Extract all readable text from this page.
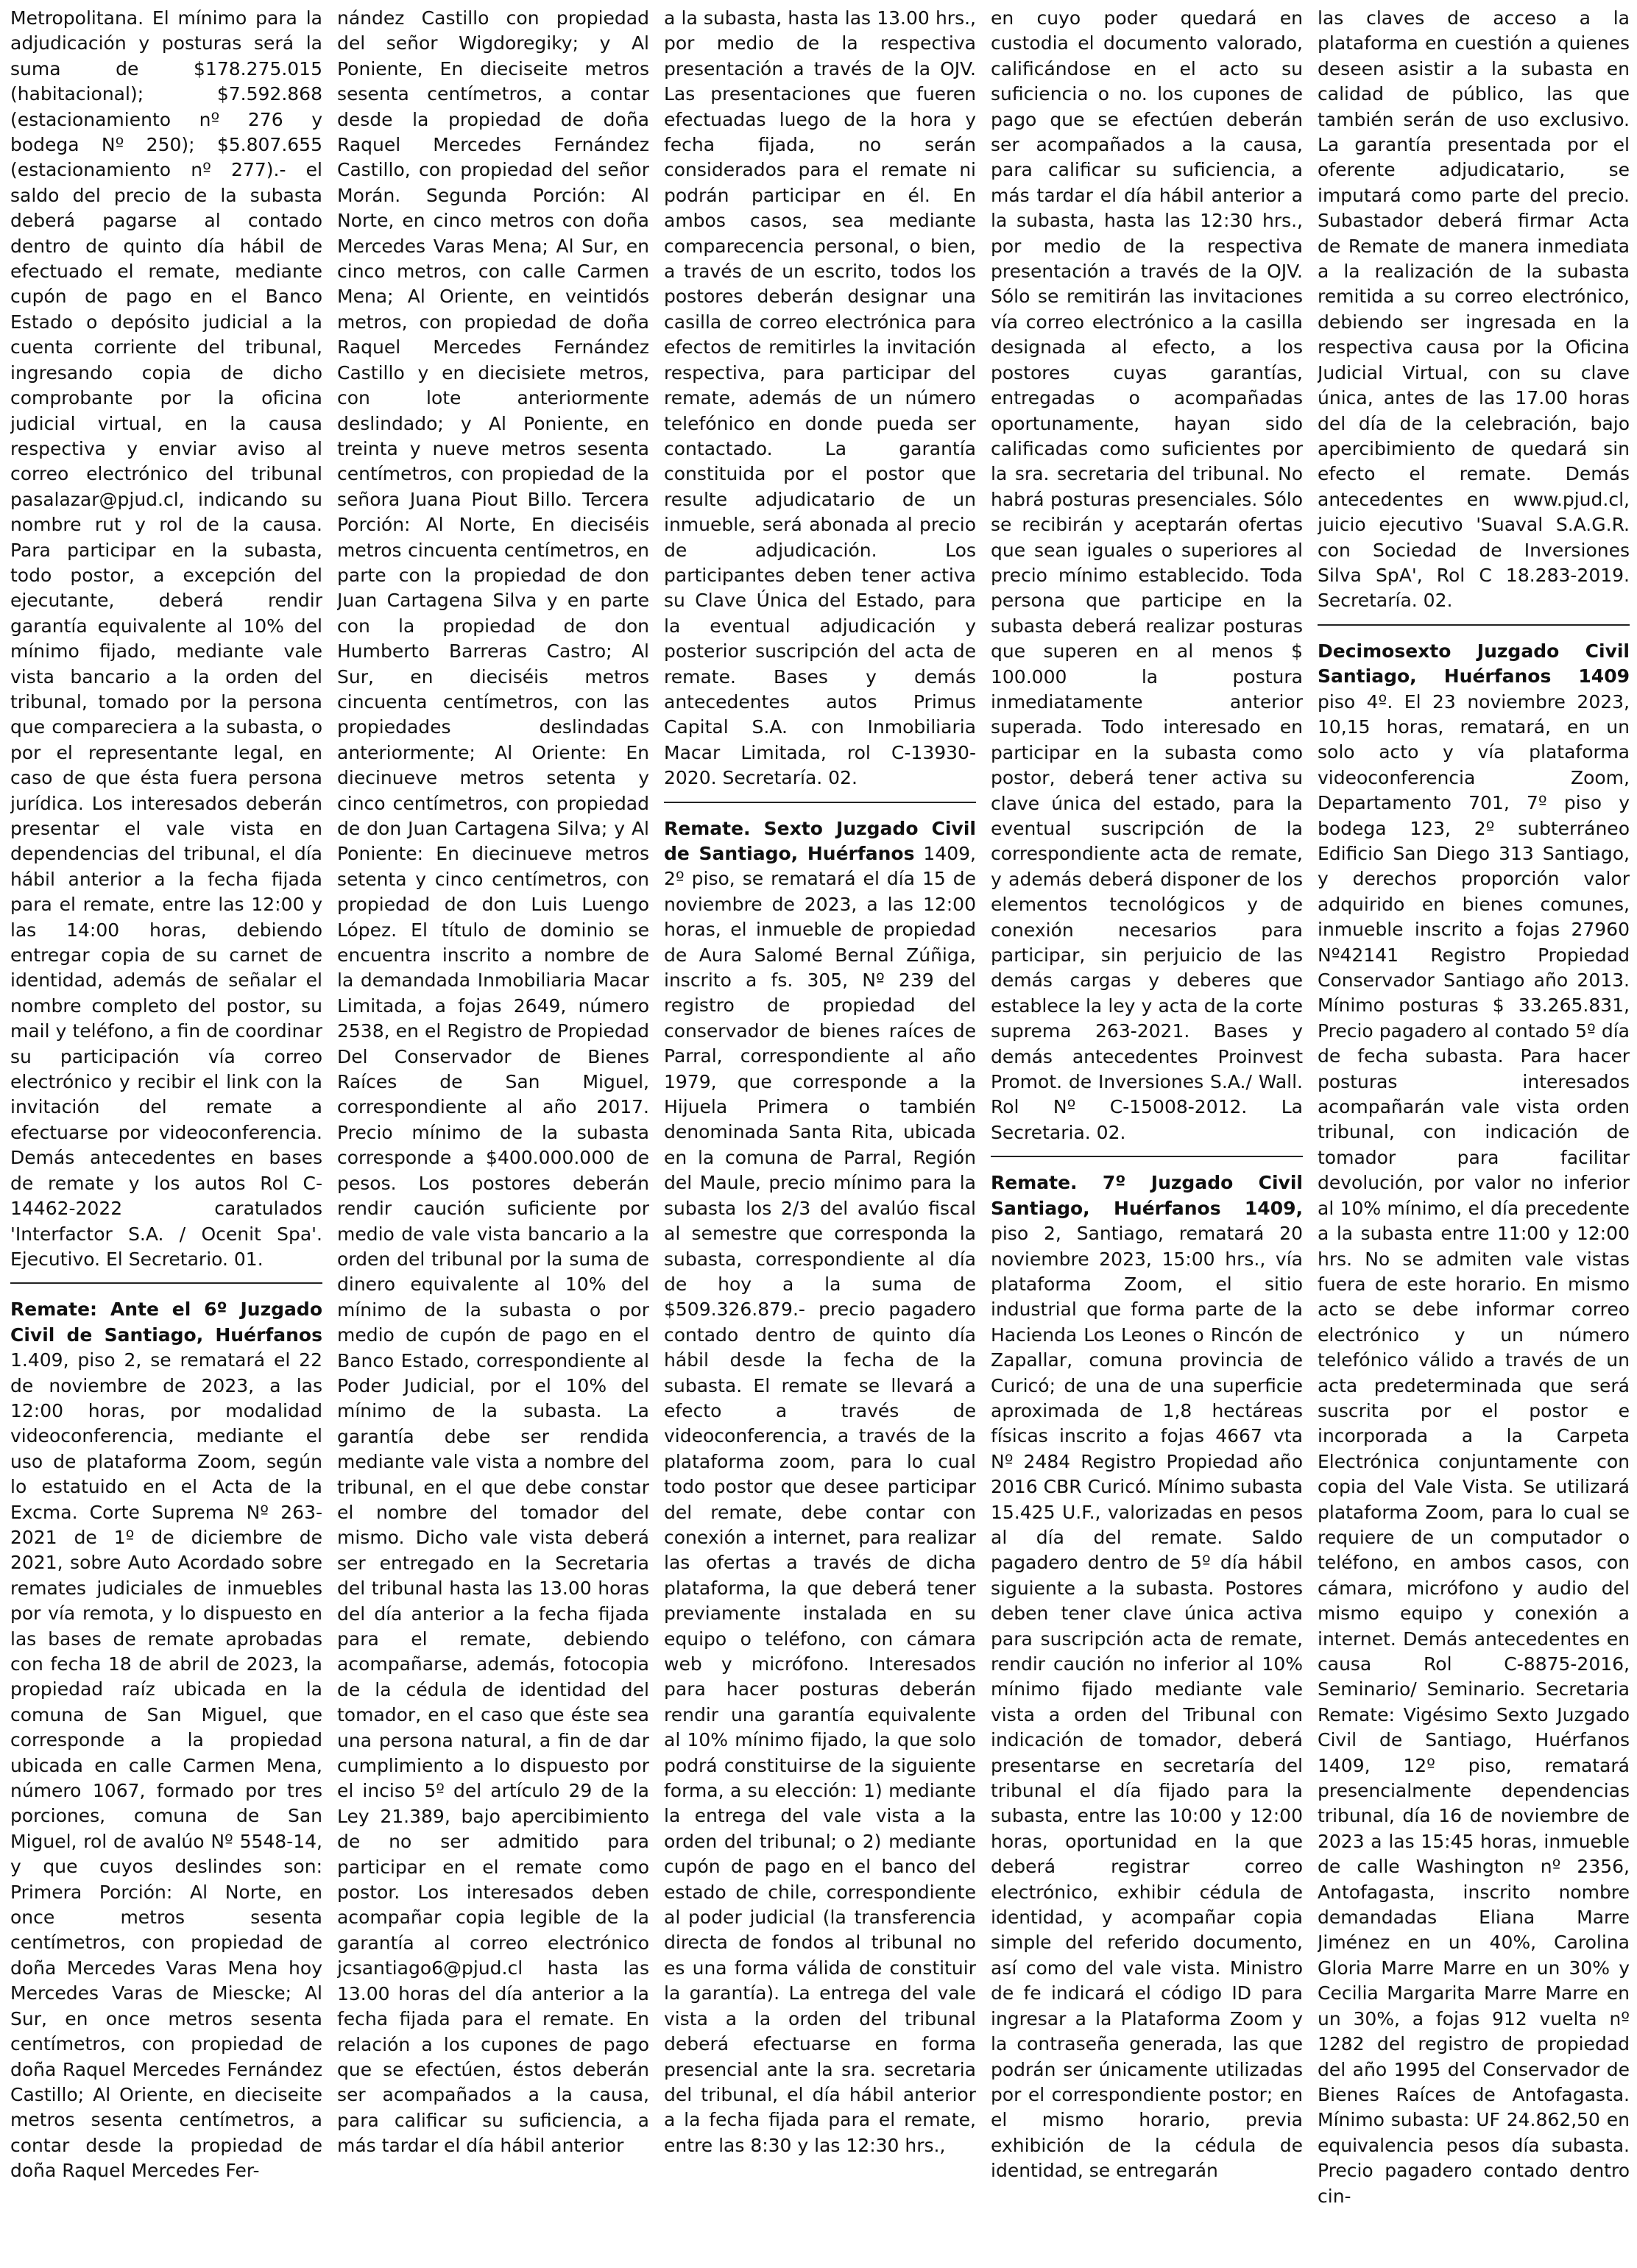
Metropolitana. El mínimo para la adjudicación y posturas será la suma de $178.275.015 (habitacional); $7.592.868 (estacionamiento nº 276 y bodega Nº 250); $5.807.655 (estacionamiento nº 277).- el saldo del precio de la subasta deberá pagarse al contado dentro de quinto día hábil de efectuado el remate, mediante cupón de pago en el Banco Estado o depósito judicial a la cuenta corriente del tribunal, ingresando copia de dicho comprobante por la oficina judicial virtual, en la causa respectiva y enviar aviso al correo electrónico del tribunal pasalazar@pjud.cl, indicando su nombre rut y rol de la causa. Para participar en la subasta, todo postor, a excepción del ejecutante, deberá rendir garantía equivalente al 10% del mínimo fijado, mediante vale vista bancario a la orden del tribunal, tomado por la persona que compareciera a la subasta, o por el representante legal, en caso de que ésta fuera persona jurídica. Los interesados deberán presentar el vale vista en dependencias del tribunal, el día hábil anterior a la fecha fijada para el remate, entre las 12:00 y las 14:00 horas, debiendo entregar copia de su carnet de identidad, además de señalar el nombre completo del postor, su mail y teléfono, a fin de coordinar su participación vía correo electrónico y recibir el link con la invitación del remate a efectuarse por videoconferencia. Demás antecedentes en bases de remate y los autos Rol C-14462-2022 caratulados 'Interfactor S.A. / Ocenit Spa'. Ejecutivo. El Secretario. 01.

Remate: Ante el 6º Juzgado Civil de Santiago, Huérfanos 1.409, piso 2, se rematará el 22 de noviembre de 2023, a las 12:00 horas, por modalidad videoconferencia, mediante el uso de plataforma Zoom, según lo estatuido en el Acta de la Excma. Corte Suprema Nº 263-2021 de 1º de diciembre de 2021, sobre Auto Acordado sobre remates judiciales de inmuebles por vía remota, y lo dispuesto en las bases de remate aprobadas con fecha 18 de abril de 2023, la propiedad raíz ubicada en la comuna de San Miguel, que corresponde a la propiedad ubicada en calle Carmen Mena, número 1067, formado por tres porciones, comuna de San Miguel, rol de avalúo Nº 5548-14, y que cuyos deslindes son: Primera Porción: Al Norte, en once metros sesenta centímetros, con propiedad de doña Mercedes Varas Mena hoy Mercedes Varas de Miescke; Al Sur, en once metros sesenta centímetros, con propiedad de doña Raquel Mercedes Fernández Castillo; Al Oriente, en dieciseite metros sesenta centímetros, a contar desde la propiedad de doña Raquel Mercedes Fer-

nández Castillo con propiedad del señor Wigdoregiky; y Al Poniente, En dieciseite metros sesenta centímetros, a contar desde la propiedad de doña Raquel Mercedes Fernández Castillo, con propiedad del señor Morán. Segunda Porción: Al Norte, en cinco metros con doña Mercedes Varas Mena; Al Sur, en cinco metros, con calle Carmen Mena; Al Oriente, en veintidós metros, con propiedad de doña Raquel Mercedes Fernández Castillo y en diecisiete metros, con lote anteriormente deslindado; y Al Poniente, en treinta y nueve metros sesenta centímetros, con propiedad de la señora Juana Piout Billo. Tercera Porción: Al Norte, En dieciséis metros cincuenta centímetros, en parte con la propiedad de don Juan Cartagena Silva y en parte con la propiedad de don Humberto Barreras Castro; Al Sur, en dieciséis metros cincuenta centímetros, con las propiedades deslindadas anteriormente; Al Oriente: En diecinueve metros setenta y cinco centímetros, con propiedad de don Juan Cartagena Silva; y Al Poniente: En diecinueve metros setenta y cinco centímetros, con propiedad de don Luis Luengo López. El título de dominio se encuentra inscrito a nombre de la demandada Inmobiliaria Macar Limitada, a fojas 2649, número 2538, en el Registro de Propiedad Del Conservador de Bienes Raíces de San Miguel, correspondiente al año 2017. Precio mínimo de la subasta corresponde a $400.000.000 de pesos. Los postores deberán rendir caución suficiente por medio de vale vista bancario a la orden del tribunal por la suma de dinero equivalente al 10% del mínimo de la subasta o por medio de cupón de pago en el Banco Estado, correspondiente al Poder Judicial, por el 10% del mínimo de la subasta. La garantía debe ser rendida mediante vale vista a nombre del tribunal, en el que debe constar el nombre del tomador del mismo. Dicho vale vista deberá ser entregado en la Secretaria del tribunal hasta las 13.00 horas del día anterior a la fecha fijada para el remate, debiendo acompañarse, además, fotocopia de la cédula de identidad del tomador, en el caso que éste sea una persona natural, a fin de dar cumplimiento a lo dispuesto por el inciso 5º del artículo 29 de la Ley 21.389, bajo apercibimiento de no ser admitido para participar en el remate como postor. Los interesados deben acompañar copia legible de la garantía al correo electrónico jcsantiago6@pjud.cl hasta las 13.00 horas del día anterior a la fecha fijada para el remate. En relación a los cupones de pago que se efectúen, éstos deberán ser acompañados a la causa, para calificar su suficiencia, a más tardar el día hábil anterior

a la subasta, hasta las 13.00 hrs., por medio de la respectiva presentación a través de la OJV. Las presentaciones que fueren efectuadas luego de la hora y fecha fijada, no serán considerados para el remate ni podrán participar en él. En ambos casos, sea mediante comparecencia personal, o bien, a través de un escrito, todos los postores deberán designar una casilla de correo electrónica para efectos de remitirles la invitación respectiva, para participar del remate, además de un número telefónico en donde pueda ser contactado. La garantía constituida por el postor que resulte adjudicatario de un inmueble, será abonada al precio de adjudicación. Los participantes deben tener activa su Clave Única del Estado, para la eventual adjudicación y posterior suscripción del acta de remate. Bases y demás antecedentes autos Primus Capital S.A. con Inmobiliaria Macar Limitada, rol C-13930-2020. Secretaría. 02.

Remate. Sexto Juzgado Civil de Santiago, Huérfanos 1409, 2º piso, se rematará el día 15 de noviembre de 2023, a las 12:00 horas, el inmueble de propiedad de Aura Salomé Bernal Zúñiga, inscrito a fs. 305, Nº 239 del registro de propiedad del conservador de bienes raíces de Parral, correspondiente al año 1979, que corresponde a la Hijuela Primera o también denominada Santa Rita, ubicada en la comuna de Parral, Región del Maule, precio mínimo para la subasta los 2/3 del avalúo fiscal al semestre que corresponda la subasta, correspondiente al día de hoy a la suma de $509.326.879.- precio pagadero contado dentro de quinto día hábil desde la fecha de la subasta. El remate se llevará a efecto a través de videoconferencia, a través de la plataforma zoom, para lo cual todo postor que desee participar del remate, debe contar con conexión a internet, para realizar las ofertas a través de dicha plataforma, la que deberá tener previamente instalada en su equipo o teléfono, con cámara web y micrófono. Interesados para hacer posturas deberán rendir una garantía equivalente al 10% mínimo fijado, la que solo podrá constituirse de la siguiente forma, a su elección: 1) mediante la entrega del vale vista a la orden del tribunal; o 2) mediante cupón de pago en el banco del estado de chile, correspondiente al poder judicial (la transferencia directa de fondos al tribunal no es una forma válida de constituir la garantía). La entrega del vale vista a la orden del tribunal deberá efectuarse en forma presencial ante la sra. secretaria del tribunal, el día hábil anterior a la fecha fijada para el remate, entre las 8:30 y las 12:30 hrs.,

en cuyo poder quedará en custodia el documento valorado, calificándose en el acto su suficiencia o no. los cupones de pago que se efectúen deberán ser acompañados a la causa, para calificar su suficiencia, a más tardar el día hábil anterior a la subasta, hasta las 12:30 hrs., por medio de la respectiva presentación a través de la OJV. Sólo se remitirán las invitaciones vía correo electrónico a la casilla designada al efecto, a los postores cuyas garantías, entregadas o acompañadas oportunamente, hayan sido calificadas como suficientes por la sra. secretaria del tribunal. No habrá posturas presenciales. Sólo se recibirán y aceptarán ofertas que sean iguales o superiores al precio mínimo establecido. Toda persona que participe en la subasta deberá realizar posturas que superen en al menos $ 100.000 la postura inmediatamente anterior superada. Todo interesado en participar en la subasta como postor, deberá tener activa su clave única del estado, para la eventual suscripción de la correspondiente acta de remate, y además deberá disponer de los elementos tecnológicos y de conexión necesarios para participar, sin perjuicio de las demás cargas y deberes que establece la ley y acta de la corte suprema 263-2021. Bases y demás antecedentes Proinvest Promot. de Inversiones S.A./ Wall. Rol Nº C-15008-2012. La Secretaria. 02.

Remate. 7º Juzgado Civil Santiago, Huérfanos 1409, piso 2, Santiago, rematará 20 noviembre 2023, 15:00 hrs., vía plataforma Zoom, el sitio industrial que forma parte de la Hacienda Los Leones o Rincón de Zapallar, comuna provincia de Curicó; de una de una superficie aproximada de 1,8 hectáreas físicas inscrito a fojas 4667 vta Nº 2484 Registro Propiedad año 2016 CBR Curicó. Mínimo subasta 15.425 U.F., valorizadas en pesos al día del remate. Saldo pagadero dentro de 5º día hábil siguiente a la subasta. Postores deben tener clave única activa para suscripción acta de remate, rendir caución no inferior al 10% mínimo fijado mediante vale vista a orden del Tribunal con indicación de tomador, deberá presentarse en secretaría del tribunal el día fijado para la subasta, entre las 10:00 y 12:00 horas, oportunidad en la que deberá registrar correo electrónico, exhibir cédula de identidad, y acompañar copia simple del referido documento, así como del vale vista. Ministro de fe indicará el código ID para ingresar a la Plataforma Zoom y la contraseña generada, las que podrán ser únicamente utilizadas por el correspondiente postor; en el mismo horario, previa exhibición de la cédula de identidad, se entregarán

las claves de acceso a la plataforma en cuestión a quienes deseen asistir a la subasta en calidad de público, las que también serán de uso exclusivo. La garantía presentada por el oferente adjudicatario, se imputará como parte del precio. Subastador deberá firmar Acta de Remate de manera inmediata a la realización de la subasta remitida a su correo electrónico, debiendo ser ingresada en la respectiva causa por la Oficina Judicial Virtual, con su clave única, antes de las 17.00 horas del día de la celebración, bajo apercibimiento de quedará sin efecto el remate. Demás antecedentes en www.pjud.cl, juicio ejecutivo 'Suaval S.A.G.R. con Sociedad de Inversiones Silva SpA', Rol C 18.283-2019. Secretaría. 02.

Decimosexto Juzgado Civil Santiago, Huérfanos 1409 piso 4º. El 23 noviembre 2023, 10,15 horas, rematará, en un solo acto y vía plataforma videoconferencia Zoom, Departamento 701, 7º piso y bodega 123, 2º subterráneo Edificio San Diego 313 Santiago, y derechos proporción valor adquirido en bienes comunes, inmueble inscrito a fojas 27960 Nº42141 Registro Propiedad Conservador Santiago año 2013. Mínimo posturas $ 33.265.831, Precio pagadero al contado 5º día de fecha subasta. Para hacer posturas interesados acompañarán vale vista orden tribunal, con indicación de tomador para facilitar devolución, por valor no inferior al 10% mínimo, el día precedente a la subasta entre 11:00 y 12:00 hrs. No se admiten vale vistas fuera de este horario. En mismo acto se debe informar correo electrónico y un número telefónico válido a través de un acta predeterminada que será suscrita por el postor e incorporada a la Carpeta Electrónica conjuntamente con copia del Vale Vista. Se utilizará plataforma Zoom, para lo cual se requiere de un computador o teléfono, en ambos casos, con cámara, micrófono y audio del mismo equipo y conexión a internet. Demás antecedentes en causa Rol C-8875-2016, Seminario/ Seminario. Secretaria Remate: Vigésimo Sexto Juzgado Civil de Santiago, Huérfanos 1409, 12º piso, rematará presencialmente dependencias tribunal, día 16 de noviembre de 2023 a las 15:45 horas, inmueble de calle Washington nº 2356, Antofagasta, inscrito nombre demandadas Eliana Marre Jiménez en un 40%, Carolina Gloria Marre Marre en un 30% y Cecilia Margarita Marre Marre en un 30%, a fojas 912 vuelta nº 1282 del registro de propiedad del año 1995 del Conservador de Bienes Raíces de Antofagasta. Mínimo subasta: UF 24.862,50 en equivalencia pesos día subasta. Precio pagadero contado dentro cin-
